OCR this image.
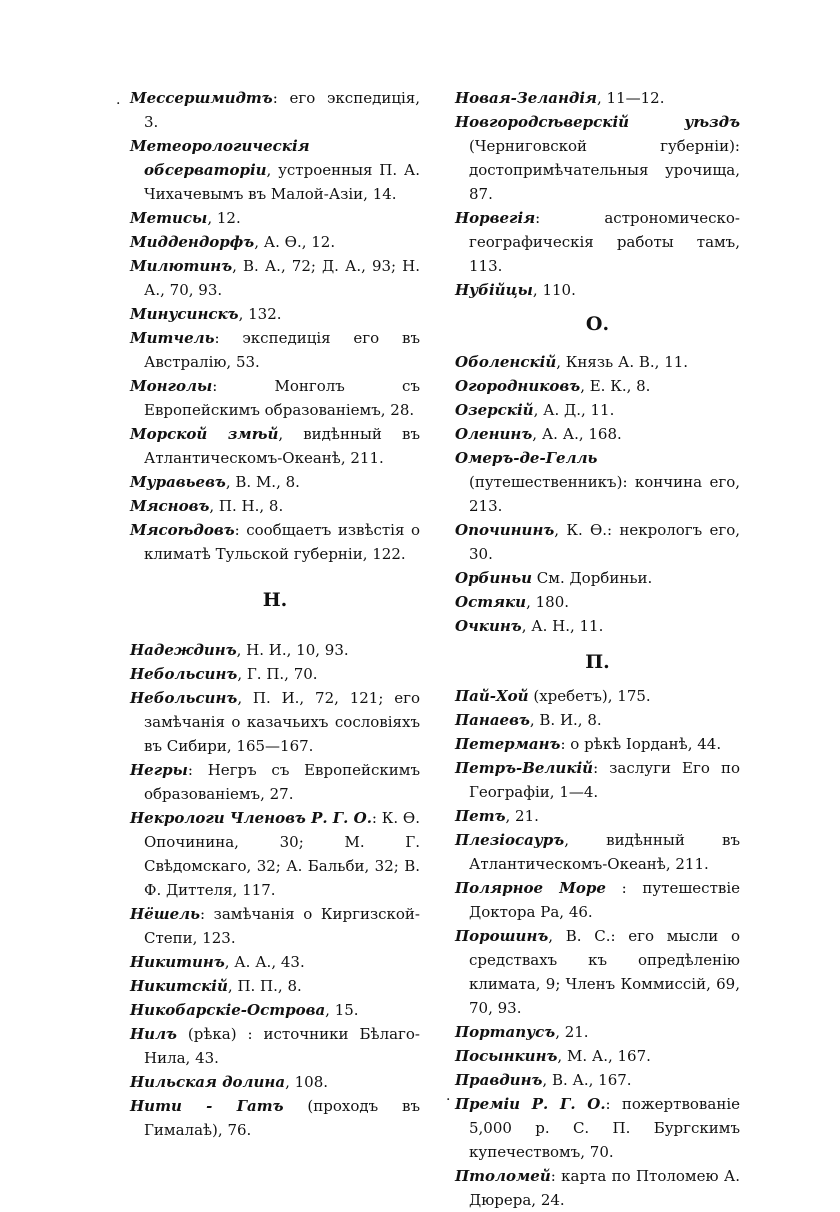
.
·
Мессершмидтъ: его экспедиція, 3.
Метеорологическія обсерваторіи, устроенныя П. А. Чихачевымъ въ Малой-Азіи, 14.
Метисы, 12.
Миддендорфъ, А. Ѳ., 12.
Милютинъ, В. А., 72; Д. А., 93; Н. А., 70, 93.
Минусинскъ, 132.
Митчель: экспедиція его въ Австралію, 53.
Монголы: Монголъ съ Европейскимъ образованіемъ, 28.
Морской змѣй, видѣнный въ Атлантическомъ-Океанѣ, 211.
Муравьевъ, В. М., 8.
Мясновъ, П. Н., 8.
Мясоѣдовъ: сообщаетъ извѣстія о климатѣ Тульской губерніи, 122.
Н.
Надеждинъ, Н. И., 10, 93.
Небольсинъ, Г. П., 70.
Небольсинъ, П. И., 72, 121; его замѣчанія о казачьихъ сословіяхъ въ Сибири, 165—167.
Негры: Негръ съ Европейскимъ образованіемъ, 27.
Некрологи Членовъ Р. Г. О.: К. Ѳ. Опочинина, 30; М. Г. Свѣдомскаго, 32; А. Бальби, 32; В. Ф. Диттеля, 117.
Нёшель: замѣчанія о Киргизской-Степи, 123.
Никитинъ, А. А., 43.
Никитскій, П. П., 8.
Никобарскіе-Острова, 15.
Нилъ (рѣка) : источники Бѣлаго-Нила, 43.
Нильская долина, 108.
Нити - Гатъ (проходъ въ Гималаѣ), 76.
Новая-Зеландія, 11—12.
Новгородсѣверскій уѣздъ (Черниговской губерніи): достопримѣчательныя урочища, 87.
Норвегія: астрономическо-географическія работы тамъ, 113.
Нубійцы, 110.
О.
Оболенскій, Князь А. В., 11.
Огородниковъ, Е. К., 8.
Озерскій, А. Д., 11.
Оленинъ, А. А., 168.
Омеръ-де-Гелль (путешественникъ): кончина его, 213.
Опочининъ, К. Ѳ.: некрологъ его, 30.
Орбиньи См. Дорбиньи.
Остяки, 180.
Очкинъ, А. Н., 11.
П.
Пай-Хой (хребетъ), 175.
Панаевъ, В. И., 8.
Петерманъ: о рѣкѣ Іорданѣ, 44.
Петръ-Великій: заслуги Его по Географіи, 1—4.
Петъ, 21.
Плезіосауръ, видѣнный въ Атлантическомъ-Океанѣ, 211.
Полярное Море : путешествіе Доктора Ра, 46.
Порошинъ, В. С.: его мысли о средствахъ къ опредѣленію климата, 9; Членъ Коммиссій, 69, 70, 93.
Портапусъ, 21.
Посынкинъ, М. А., 167.
Правдинъ, В. А., 167.
Преміи Р. Г. О.: пожертвованіе 5,000 р. С. П. Бургскимъ купечествомъ, 70.
Птоломей: карта по Птоломею А. Дюрера, 24.
